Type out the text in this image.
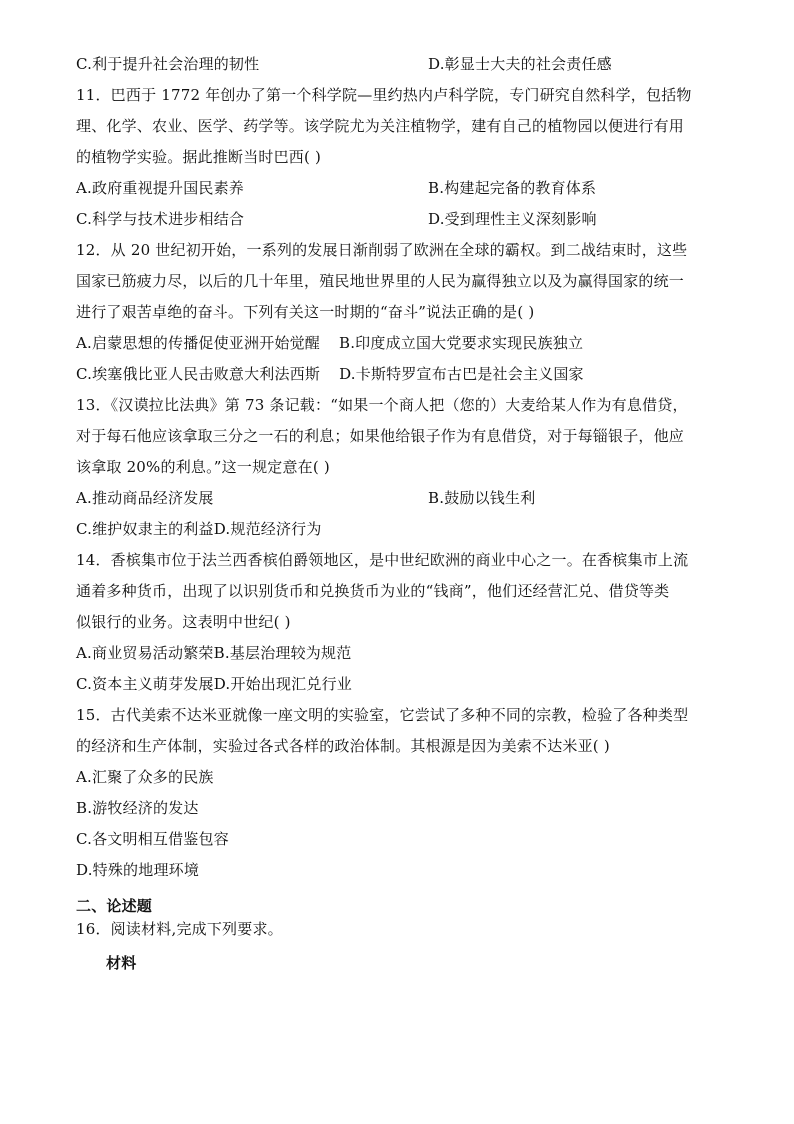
C.利于提升社会治理的韧性	D.彰显士大夫的社会责任感
11．巴西于 1772 年创办了第一个科学院—里约热内卢科学院，专门研究自然科学，包括物
理、化学、农业、医学、药学等。该学院尤为关注植物学，建有自己的植物园以便进行有用
的植物学实验。据此推断当时巴西( )
A.政府重视提升国民素养	B.构建起完备的教育体系
C.科学与技术进步相结合	D.受到理性主义深刻影响
12．从 20 世纪初开始，一系列的发展日渐削弱了欧洲在全球的霸权。到二战结束时，这些
国家已筋疲力尽，以后的几十年里，殖民地世界里的人民为赢得独立以及为赢得国家的统一
进行了艰苦卓绝的奋斗。下列有关这一时期的“奋斗”说法正确的是( )
A.启蒙思想的传播促使亚洲开始觉醒 B.印度成立国大党要求实现民族独立
C.埃塞俄比亚人民击败意大利法西斯 D.卡斯特罗宣布古巴是社会主义国家
13．《汉谟拉比法典》第 73 条记载：“如果一个商人把（您的）大麦给某人作为有息借贷，
对于每石他应该拿取三分之一石的利息；如果他给银子作为有息借贷，对于每锱银子，他应
该拿取 20%的利息。”这一规定意在( )
A.推动商品经济发展	B.鼓励以钱生利
C.维护奴隶主的利益D.规范经济行为
14．香槟集市位于法兰西香槟伯爵领地区，是中世纪欧洲的商业中心之一。在香槟集市上流
通着多种货币，出现了以识别货币和兑换货币为业的“钱商”，他们还经营汇兑、借贷等类
似银行的业务。这表明中世纪( )
A.商业贸易活动繁荣B.基层治理较为规范
C.资本主义萌芽发展D.开始出现汇兑行业
15．古代美索不达米亚就像一座文明的实验室，它尝试了多种不同的宗教，检验了各种类型
的经济和生产体制，实验过各式各样的政治体制。其根源是因为美索不达米亚( )
A.汇聚了众多的民族
B.游牧经济的发达
C.各文明相互借鉴包容
D.特殊的地理环境
二、论述题
16．阅读材料,完成下列要求。
材料
